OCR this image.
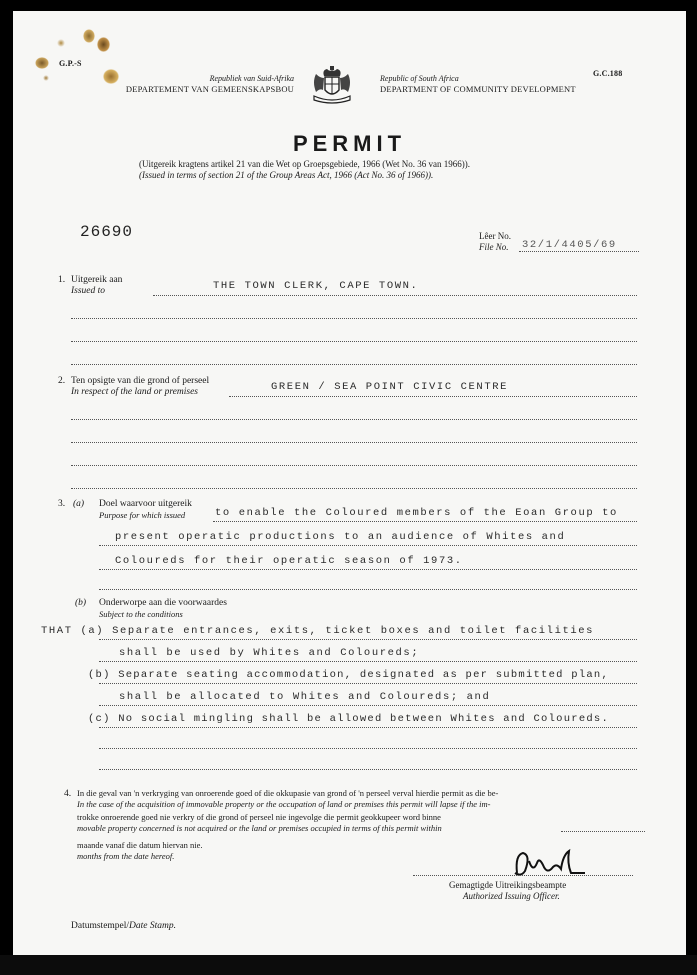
G.P.-S
G.C.188
Republiek van Suid-Afrika
DEPARTEMENT VAN GEMEENSKAPSBOU
Republic of South Africa
DEPARTMENT OF COMMUNITY DEVELOPMENT
PERMIT
(Uitgereik kragtens artikel 21 van die Wet op Groepsgebiede, 1966 (Wet No. 36 van 1966)).
(Issued in terms of section 21 of the Group Areas Act, 1966 (Act No. 36 of 1966)).
26690	Lêer No.
File No. 32/1/4405/69
1. Uitgereik aan
Issued to	THE TOWN CLERK, CAPE TOWN.
2. Ten opsigte van die grond of perseel
In respect of the land or premises	GREEN / SEA POINT CIVIC CENTRE
3. (a) Doel waarvoor uitgereik
Purpose for which issued	to enable the Coloured members of the Eoan Group to
present operatic productions to an audience of Whites and
Coloureds for their operatic season of 1973.
(b) Onderworpe aan die voorwaardes
Subject to the conditions
THAT (a) Separate entrances, exits, ticket boxes and toilet facilities
shall be used by Whites and Coloureds;
(b) Separate seating accommodation, designated as per submitted plan,
shall be allocated to Whites and Coloureds; and
(c) No social mingling shall be allowed between Whites and Coloureds.
4. In die geval van 'n verkryging van onroerende goed of die okkupasie van grond of 'n perseel verval hierdie permit as die be-
In the case of the acquisition of immovable property or the occupation of land or premises this permit will lapse if the im-
trokke onroerende goed nie verkry of die grond of perseel nie ingevolge die permit geokkupeer word binne
movable property concerned is not acquired or the land or premises occupied in terms of this permit within
maande vanaf die datum hiervan nie.
months from the date hereof.
Gemagtigde Uitreikingsbeampte
Authorized Issuing Officer.
Datumstempel/Date Stamp.
